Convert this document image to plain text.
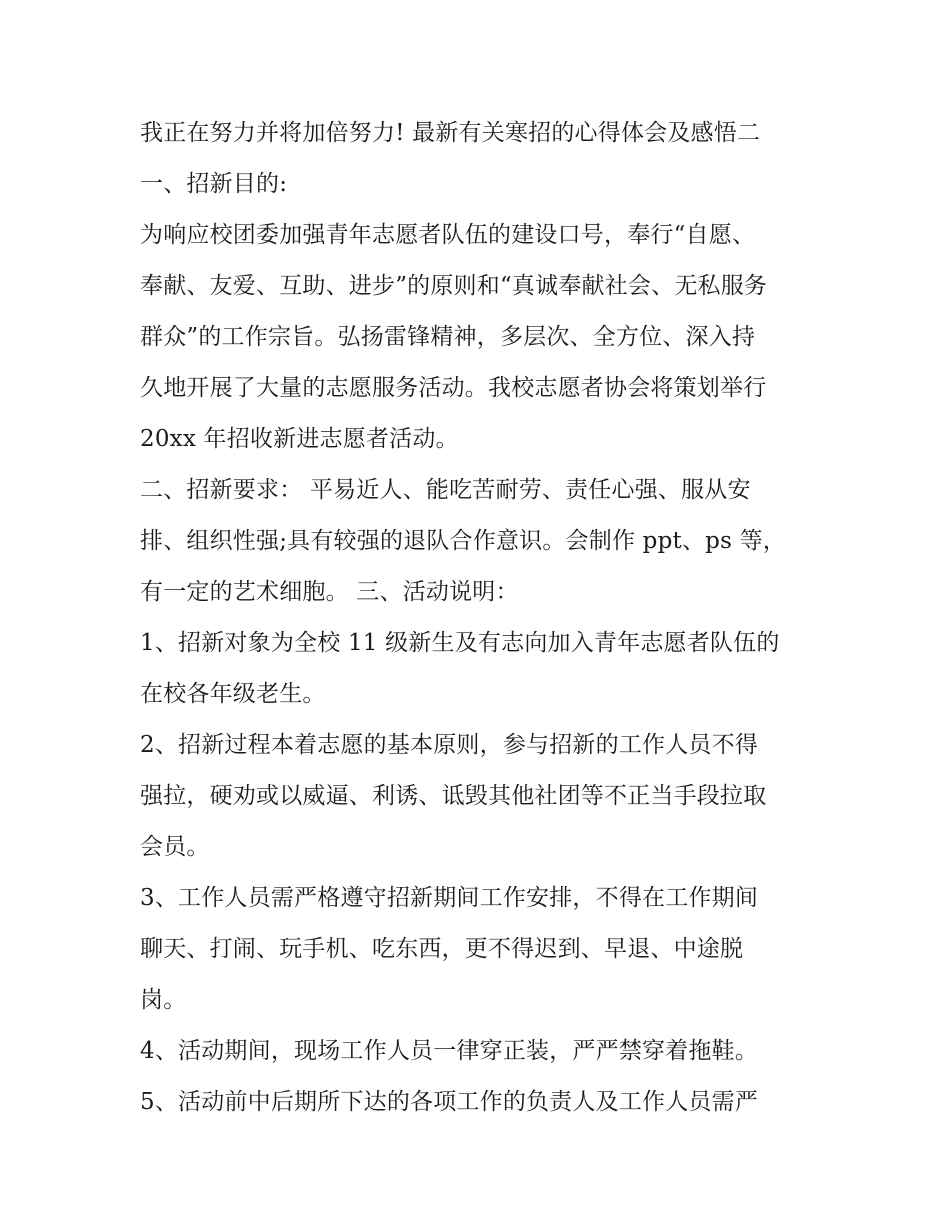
我正在努力并将加倍努力! 最新有关寒招的心得体会及感悟二

一、招新目的:

为响应校团委加强青年志愿者队伍的建设口号，奉行“自愿、

奉献、友爱、互助、进步”的原则和“真诚奉献社会、无私服务

群众”的工作宗旨。弘扬雷锋精神，多层次、全方位、深入持

久地开展了大量的志愿服务活动。我校志愿者协会将策划举行

20xx 年招收新进志愿者活动。

二、招新要求： 平易近人、能吃苦耐劳、责任心强、服从安

排、组织性强;具有较强的退队合作意识。会制作 ppt、ps 等，

有一定的艺术细胞。 三、活动说明：

1、招新对象为全校 11 级新生及有志向加入青年志愿者队伍的

在校各年级老生。

2、招新过程本着志愿的基本原则，参与招新的工作人员不得

强拉，硬劝或以威逼、利诱、诋毁其他社团等不正当手段拉取

会员。

3、工作人员需严格遵守招新期间工作安排，不得在工作期间

聊天、打闹、玩手机、吃东西，更不得迟到、早退、中途脱

岗。

4、活动期间，现场工作人员一律穿正装，严严禁穿着拖鞋。

5、活动前中后期所下达的各项工作的负责人及工作人员需严
